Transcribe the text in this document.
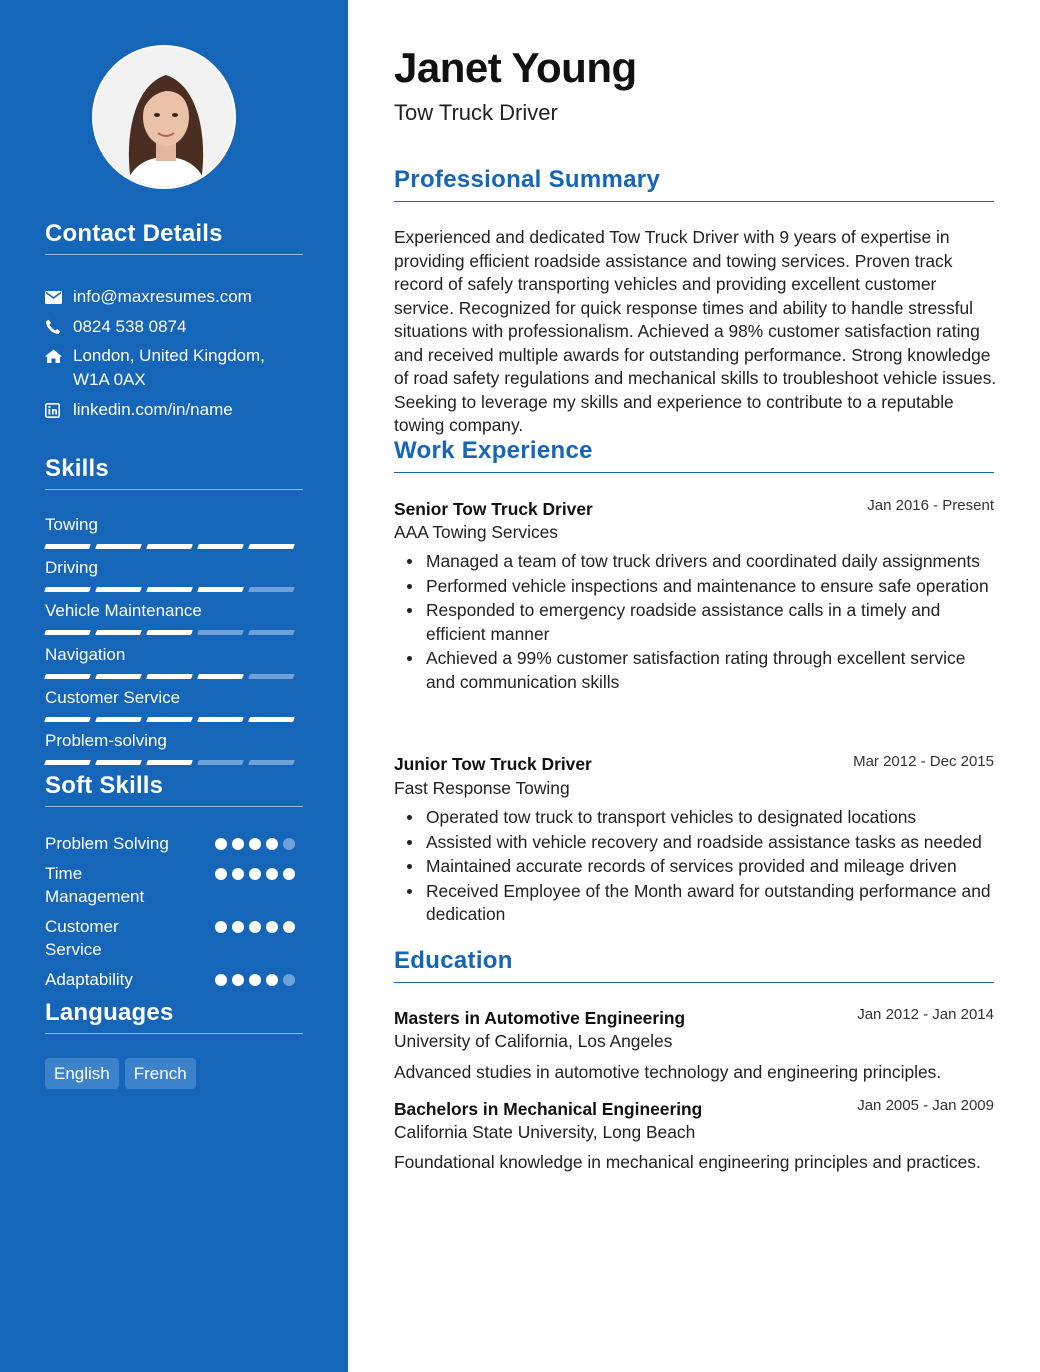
Contact Details
info@maxresumes.com
0824 538 0874
London, United Kingdom, W1A 0AX
linkedin.com/in/name
Skills
Towing
Driving
Vehicle Maintenance
Navigation
Customer Service
Problem-solving
Soft Skills
Problem Solving
Time Management
Customer Service
Adaptability
Languages
English	French
Janet Young
Tow Truck Driver
Professional Summary
Experienced and dedicated Tow Truck Driver with 9 years of expertise in providing efficient roadside assistance and towing services. Proven track record of safely transporting vehicles and providing excellent customer service. Recognized for quick response times and ability to handle stressful situations with professionalism. Achieved a 98% customer satisfaction rating and received multiple awards for outstanding performance. Strong knowledge of road safety regulations and mechanical skills to troubleshoot vehicle issues. Seeking to leverage my skills and experience to contribute to a reputable towing company.
Work Experience
Senior Tow Truck Driver	Jan 2016 - Present
AAA Towing Services
Managed a team of tow truck drivers and coordinated daily assignments
Performed vehicle inspections and maintenance to ensure safe operation
Responded to emergency roadside assistance calls in a timely and efficient manner
Achieved a 99% customer satisfaction rating through excellent service and communication skills
Junior Tow Truck Driver	Mar 2012 - Dec 2015
Fast Response Towing
Operated tow truck to transport vehicles to designated locations
Assisted with vehicle recovery and roadside assistance tasks as needed
Maintained accurate records of services provided and mileage driven
Received Employee of the Month award for outstanding performance and dedication
Education
Masters in Automotive Engineering	Jan 2012 - Jan 2014
University of California, Los Angeles
Advanced studies in automotive technology and engineering principles.
Bachelors in Mechanical Engineering	Jan 2005 - Jan 2009
California State University, Long Beach
Foundational knowledge in mechanical engineering principles and practices.
